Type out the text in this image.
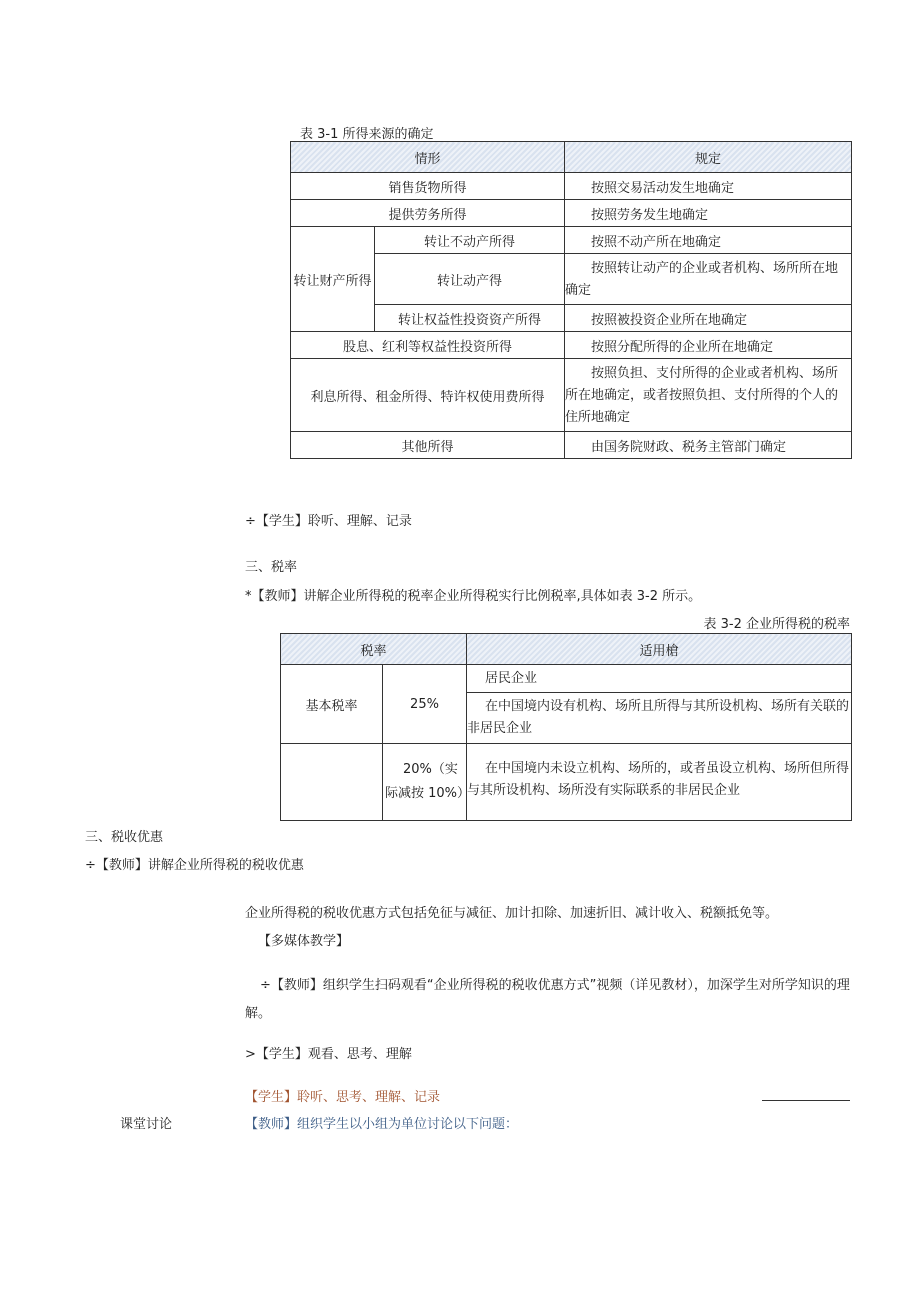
表 3-1 所得来源的确定
情形		规定
销售货物所得		按照交易活动发生地确定
提供劳务所得		按照劳务发生地确定
转让财产所得	转让不动产所得	按照不动产所在地确定
	转让动产得	按照转让动产的企业或者机构、场所所在地确定
	转让权益性投资资产所得	按照被投资企业所在地确定
股息、红利等权益性投资所得		按照分配所得的企业所在地确定
利息所得、租金所得、特许权使用费所得		按照负担、支付所得的企业或者机构、场所所在地确定，或者按照负担、支付所得的个人的住所地确定
其他所得		由国务院财政、税务主管部门确定
÷【学生】聆听、理解、记录
三、税率
*【教师】讲解企业所得税的税率企业所得税实行比例税率,具体如表 3-2 所示。
表 3-2 企业所得税的税率
税率		适用槍
基本税率	25%	居民企业
在中国境内设有机构、场所且所得与其所设机构、场所有关联的非居民企业

	20%（实际减按 10%）	在中国境内未设立机构、场所的，或者虽设立机构、场所但所得与其所设机构、场所没有实际联系的非居民企业
三、税收优惠
÷【教师】讲解企业所得税的税收优惠
企业所得税的税收优惠方式包括免征与减征、加计扣除、加速折旧、减计收入、税额抵免等。
【多媒体教学】
÷【教师】组织学生扫码观看“企业所得税的税收优惠方式”视频（详见教材），加深学生对所学知识的理解。
>【学生】观看、思考、理解
【学生】聆听、思考、理解、记录
课堂讨论	【教师】组织学生以小组为单位讨论以下问题：
